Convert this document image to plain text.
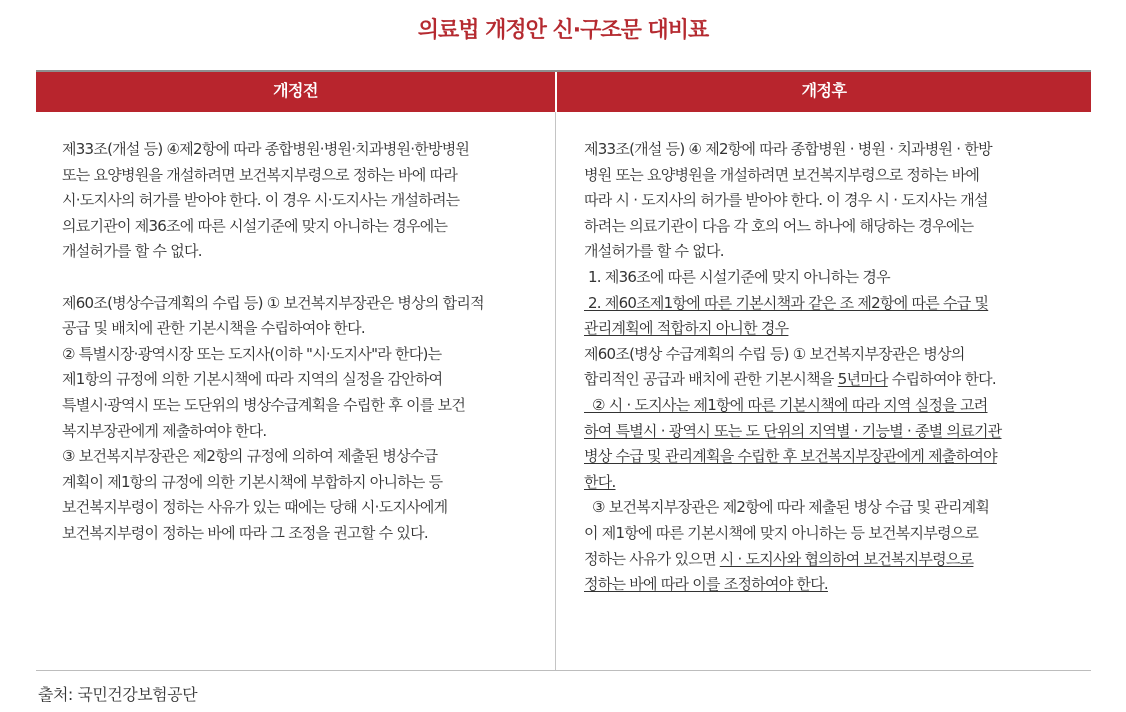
의료법 개정안 신·구조문 대비표
개정전	개정후

제33조(개설 등) ④제2항에 따라 종합병원·병원·치과병원·한방병원

또는 요양병원을 개설하려면 보건복지부령으로 정하는 바에 따라

시·도지사의 허가를 받아야 한다. 이 경우 시·도지사는 개설하려는

의료기관이 제36조에 따른 시설기준에 맞지 아니하는 경우에는

개설허가를 할 수 없다.

제60조(병상수급계획의 수립 등) ① 보건복지부장관은 병상의 합리적

공급 및 배치에 관한 기본시책을 수립하여야 한다.

② 특별시장·광역시장 또는 도지사(이하 "시·도지사"라 한다)는

제1항의 규정에 의한 기본시책에 따라 지역의 실정을 감안하여

특별시·광역시 또는 도단위의 병상수급계획을 수립한 후 이를 보건

복지부장관에게 제출하여야 한다.

③ 보건복지부장관은 제2항의 규정에 의하여 제출된 병상수급

계획이 제1항의 규정에 의한 기본시책에 부합하지 아니하는 등

보건복지부령이 정하는 사유가 있는 때에는 당해 시·도지사에게

보건복지부령이 정하는 바에 따라 그 조정을 권고할 수 있다.

제33조(개설 등) ④ 제2항에 따라 종합병원 · 병원 · 치과병원 · 한방

병원 또는 요양병원을 개설하려면 보건복지부령으로 정하는 바에

따라 시 · 도지사의 허가를 받아야 한다. 이 경우 시 · 도지사는 개설

하려는 의료기관이 다음 각 호의 어느 하나에 해당하는 경우에는

개설허가를 할 수 없다.

1. 제36조에 따른 시설기준에 맞지 아니하는 경우

2. 제60조제1항에 따른 기본시책과 같은 조 제2항에 따른 수급 및

관리계획에 적합하지 아니한 경우

제60조(병상 수급계획의 수립 등) ① 보건복지부장관은 병상의

합리적인 공급과 배치에 관한 기본시책을 5년마다 수립하여야 한다.

② 시 · 도지사는 제1항에 따른 기본시책에 따라 지역 실정을 고려

하여 특별시 · 광역시 또는 도 단위의 지역별 · 기능별 · 종별 의료기관

병상 수급 및 관리계획을 수립한 후 보건복지부장관에게 제출하여야

한다.

③ 보건복지부장관은 제2항에 따라 제출된 병상 수급 및 관리계획

이 제1항에 따른 기본시책에 맞지 아니하는 등 보건복지부령으로

정하는 사유가 있으면 시 · 도지사와 협의하여 보건복지부령으로

정하는 바에 따라 이를 조정하여야 한다.

출처: 국민건강보험공단
